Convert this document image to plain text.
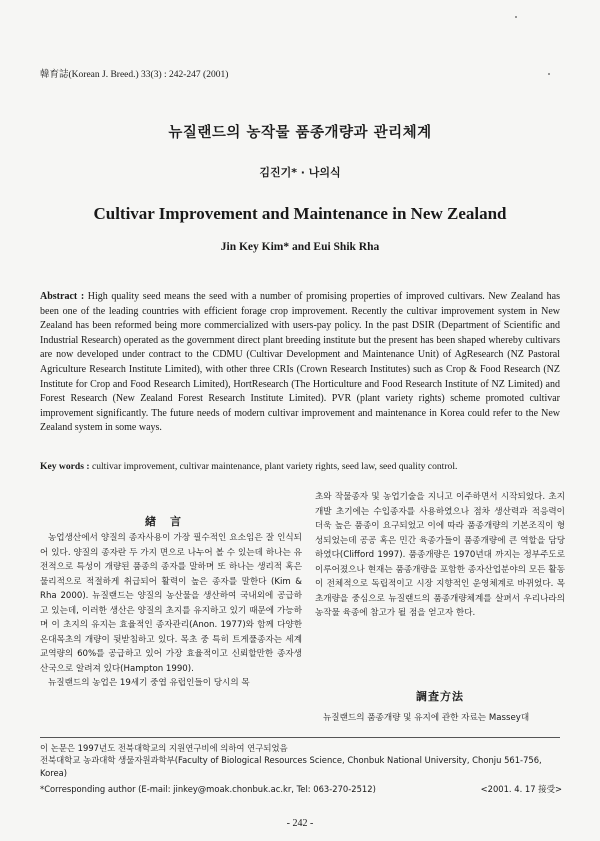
韓育誌(Korean J. Breed.) 33(3) : 242-247 (2001)
뉴질랜드의 농작물 품종개량과 관리체계
김진기* · 나의식
Cultivar Improvement and Maintenance in New Zealand
Jin Key Kim* and Eui Shik Rha
Abstract : High quality seed means the seed with a number of promising properties of improved cultivars. New Zealand has been one of the leading countries with efficient forage crop improvement. Recently the cultivar improvement system in New Zealand has been reformed being more commercialized with users-pay policy. In the past DSIR (Department of Scientific and Industrial Research) operated as the government direct plant breeding institute but the present has been shaped whereby cultivars are now developed under contract to the CDMU (Cultivar Development and Maintenance Unit) of AgResearch (NZ Pastoral Agriculture Research Institute Limited), with other three CRIs (Crown Research Institutes) such as Crop & Food Research (NZ Institute for Crop and Food Research Limited), HortResearch (The Horticulture and Food Research Institute of NZ Limited) and Forest Research (New Zealand Forest Research Institute Limited). PVR (plant variety rights) scheme promoted cultivar improvement significantly. The future needs of modern cultivar improvement and maintenance in Korea could refer to the New Zealand system in some ways.
Key words : cultivar improvement, cultivar maintenance, plant variety rights, seed law, seed quality control.
緖言

농업생산에서 양질의 종자사용이 가장 필수적인 요소임은 잘 인식되어 있다. 양질의 종자란 두 가지 면으로 나누어 볼 수 있는데 하나는 유전적으로 특성이 개량된 품종의 종자를 말하며 또 하나는 생리적 혹은 물리적으로 적절하게 취급되어 활력이 높은 종자를 말한다 (Kim & Rha 2000). 뉴질랜드는 양질의 농산물을 생산하여 국내외에 공급하고 있는데, 이러한 생산은 양질의 초지를 유지하고 있기 때문에 가능하며 이 초지의 유지는 효율적인 종자관리(Anon. 1977)와 함께 다양한 온대목초의 개량이 뒷받침하고 있다. 목초 중 특히 트게풀종자는 세계교역량의 60%를 공급하고 있어 가장 효율적이고 신뢰할만한 종자생산국으로 알려져 있다(Hampton 1990).

뉴질랜드의 농업은 19세기 중엽 유럽인들이 당시의 목

초와 작물종자 및 농업기술을 지니고 이주하면서 시작되었다. 초지개발 초기에는 수입종자를 사용하였으나 점차 생산력과 적응력이 더욱 높은 품종이 요구되었고 이에 따라 품종개량의 기본조직이 형성되었는데 공공 혹은 민간 육종가들이 품종개량에 큰 역할을 담당하였다(Clifford 1997). 품종개량은 1970년대 까지는 정부주도로 이루어졌으나 현재는 품종개량을 포함한 종자산업분야의 모든 활동이 전체적으로 독립적이고 시장 지향적인 운영체계로 바뀌었다. 목초개량을 중심으로 뉴질랜드의 품종개량체계를 살펴서 우리나라의 농작물 육종에 참고가 될 점을 얻고자 한다.

調査方法

뉴질랜드의 품종개량 및 유지에 관한 자료는 Massey대

이 논문은 1997년도 전북대학교의 지원연구비에 의하여 연구되었음
전북대학교 농과대학 생물자원과학부(Faculty of Biological Resources Science, Chonbuk National University, Chonju 561-756, Korea)
*Corresponding author (E-mail: jinkey@moak.chonbuk.ac.kr, Tel: 063-270-2512)	<2001. 4. 17 接受>
- 242 -
